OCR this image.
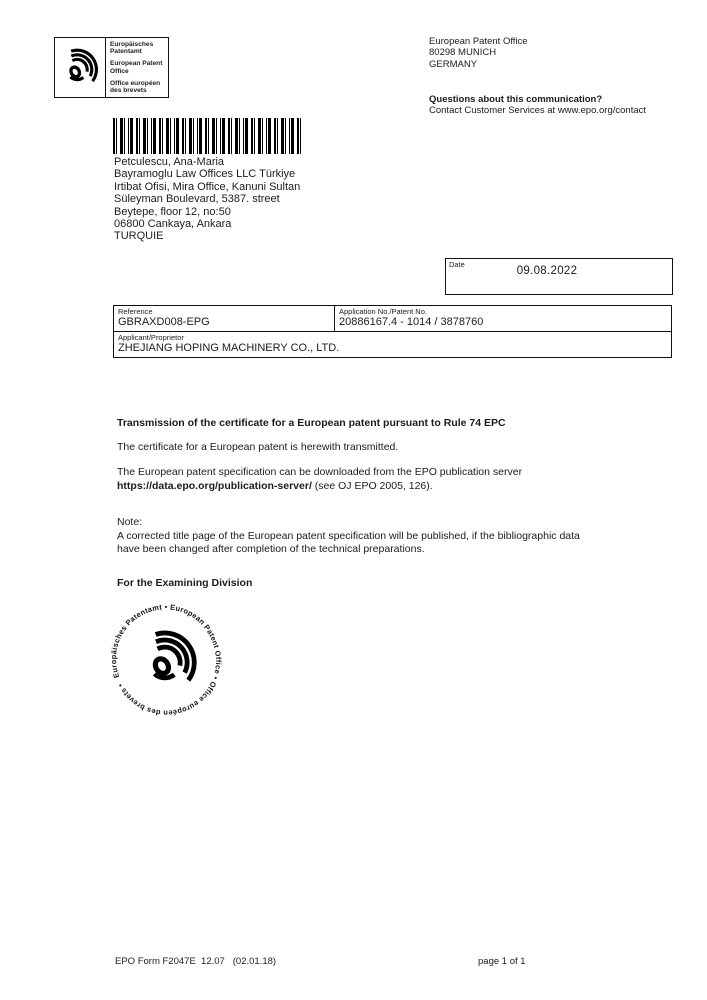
Europäisches Patentamt
European Patent Office
Office européen des brevets
European Patent Office
80298 MUNICH
GERMANY
Questions about this communication?
Contact Customer Services at www.epo.org/contact
Petculescu, Ana-Maria
Bayramoglu Law Offices LLC Türkiye
Irtibat Ofisi, Mira Office, Kanuni Sultan
Süleyman Boulevard, 5387. street
Beytepe, floor 12, no:50
06800 Cankaya, Ankara
TURQUIE
Date
09.08.2022
Reference
GBRAXD008-EPG
Application No./Patent No.
20886167.4 - 1014 / 3878760
Applicant/Proprietor
ZHEJIANG HOPING MACHINERY CO., LTD.
Transmission of the certificate for a European patent pursuant to Rule 74 EPC
The certificate for a European patent is herewith transmitted.
The European patent specification can be downloaded from the EPO publication server
https://data.epo.org/publication-server/ (see OJ EPO 2005, 126).
Note:
A corrected title page of the European patent specification will be published, if the bibliographic data
have been changed after completion of the technical preparations.
For the Examining Division
Europäisches Patentamt • European Patent Office • Office européen des brevets •
EPO Form F2047E  12.07   (02.01.18)	page 1 of 1
